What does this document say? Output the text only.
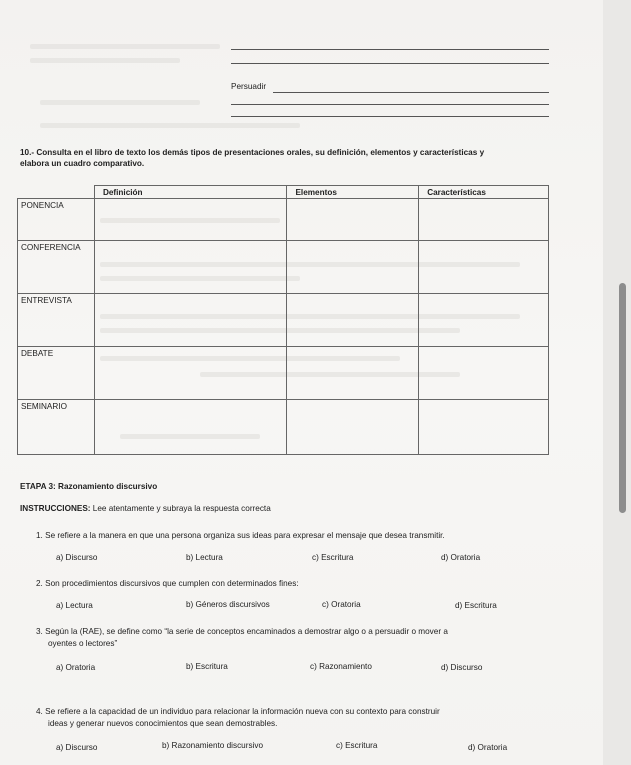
Persuadir
10.- Consulta en el libro de texto los demás tipos de presentaciones orales, su definición, elementos y características y
elabora un cuadro comparativo.
	Definición	Elementos	Características
PONENCIA			
CONFERENCIA			
ENTREVISTA			
DEBATE			
SEMINARIO			
ETAPA 3: Razonamiento discursivo
INSTRUCCIONES: Lee atentamente y subraya la respuesta correcta
1. Se refiere a la manera en que una persona organiza sus ideas para expresar el mensaje que desea transmitir.
a) Discurso	b) Lectura	c) Escritura	d) Oratoria
2. Son procedimientos discursivos que cumplen con determinados fines:
a) Lectura	b) Géneros discursivos	c) Oratoria	d) Escritura
3. Según la (RAE), se define como “la serie de conceptos encaminados a demostrar algo o a persuadir o mover a
oyentes o lectores”
a) Oratoria	b) Escritura	c) Razonamiento	d) Discurso
4. Se refiere a la capacidad de un individuo para relacionar la información nueva con su contexto para construir
ideas y generar nuevos conocimientos que sean demostrables.
a) Discurso	b) Razonamiento discursivo	c) Escritura	d) Oratoria
